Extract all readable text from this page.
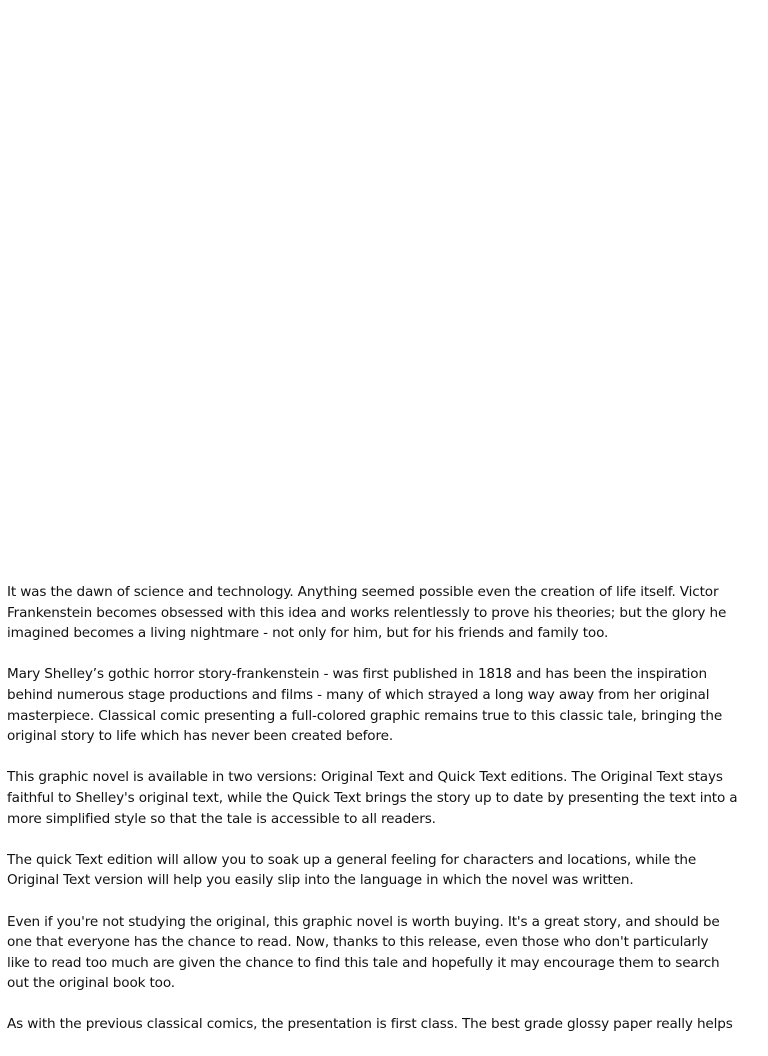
It was the dawn of science and technology. Anything seemed possible even the creation of life itself. Victor
Frankenstein becomes obsessed with this idea and works relentlessly to prove his theories; but the glory he
imagined becomes a living nightmare - not only for him, but for his friends and family too.

Mary Shelley’s gothic horror story-frankenstein - was first published in 1818 and has been the inspiration
behind numerous stage productions and films - many of which strayed a long way away from her original
masterpiece. Classical comic presenting a full-colored graphic remains true to this classic tale, bringing the
original story to life which has never been created before.

This graphic novel is available in two versions: Original Text and Quick Text editions. The Original Text stays
faithful to Shelley's original text, while the Quick Text brings the story up to date by presenting the text into a
more simplified style so that the tale is accessible to all readers.

The quick Text edition will allow you to soak up a general feeling for characters and locations, while the
Original Text version will help you easily slip into the language in which the novel was written.

Even if you're not studying the original, this graphic novel is worth buying. It's a great story, and should be
one that everyone has the chance to read. Now, thanks to this release, even those who don't particularly
like to read too much are given the chance to find this tale and hopefully it may encourage them to search
out the original book too.

As with the previous classical comics, the presentation is first class. The best grade glossy paper really helps
